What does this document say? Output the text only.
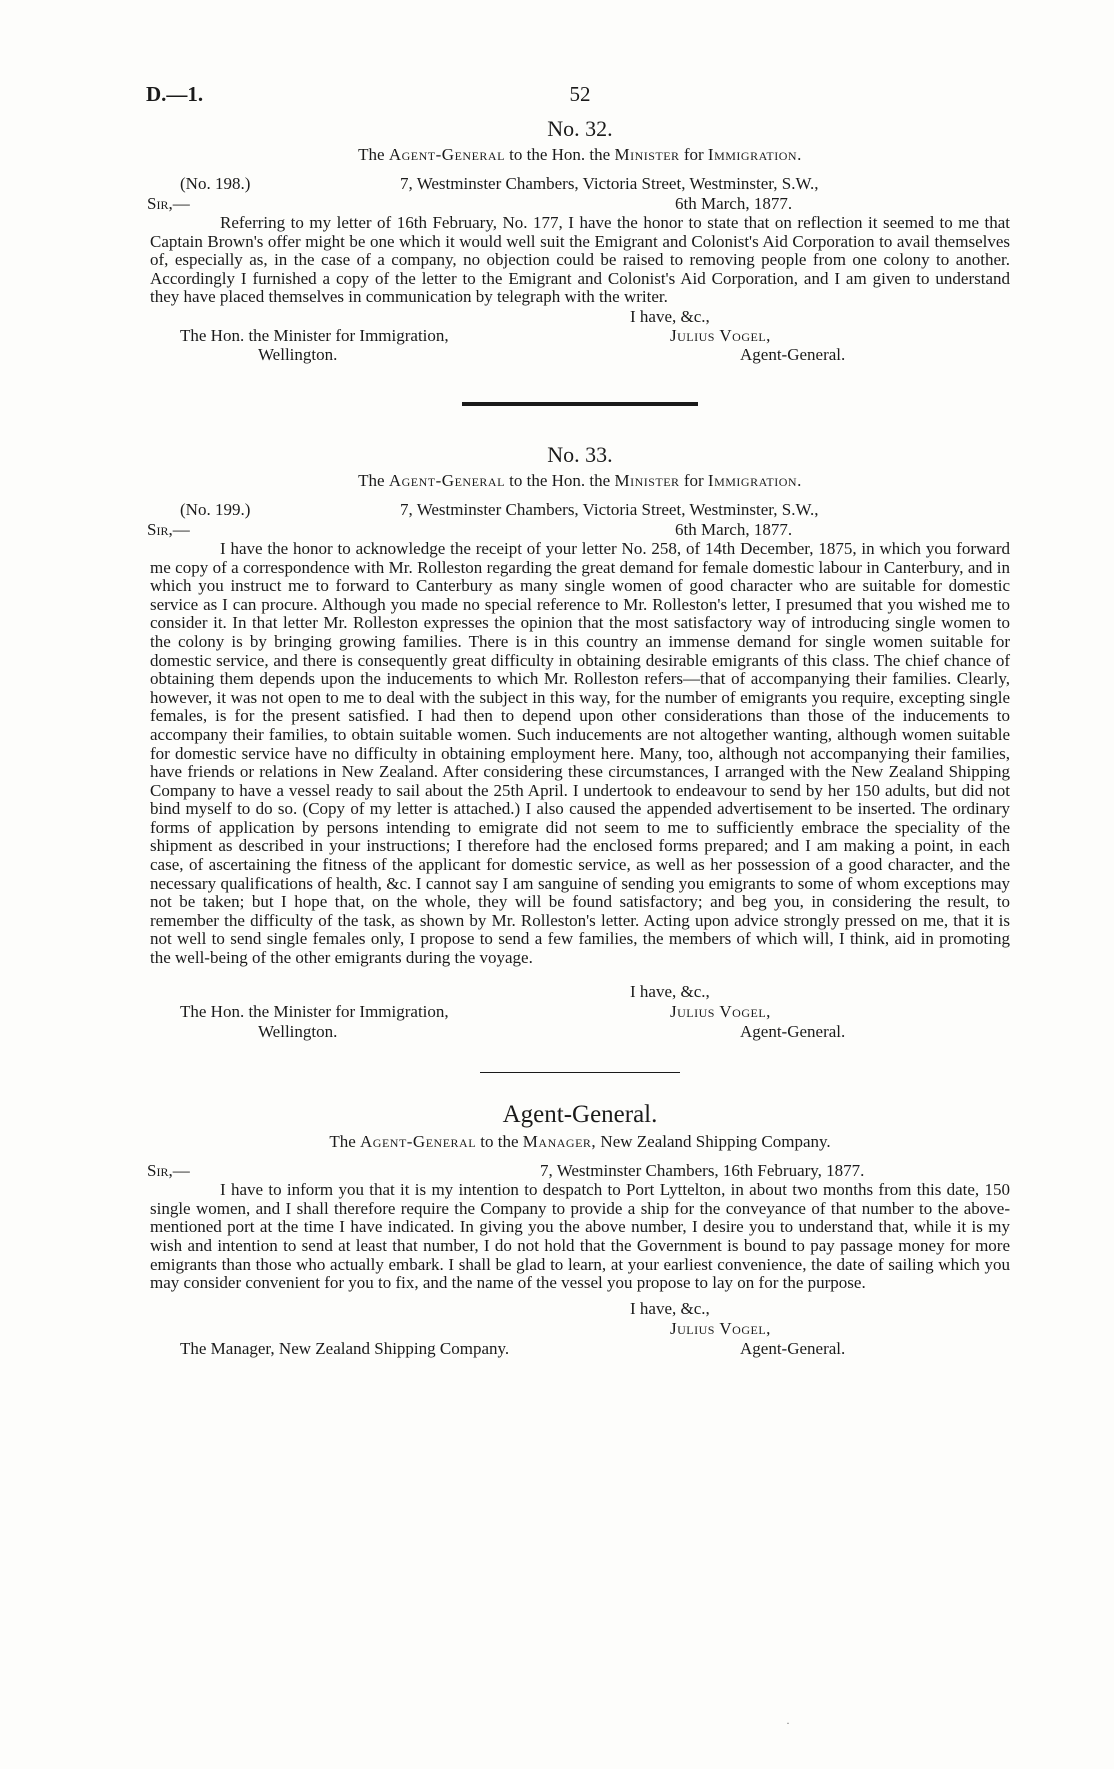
D.—1.	52
No. 32.

The Agent-General to the Hon. the Minister for Immigration.

(No. 198.)	7, Westminster Chambers, Victoria Street, Westminster, S.W.,
Sir,—	6th March, 1877.

Referring to my letter of 16th February, No. 177, I have the honor to state that on reflection it seemed to me that Captain Brown's offer might be one which it would well suit the Emigrant and Colonist's Aid Corporation to avail themselves of, especially as, in the case of a company, no objection could be raised to removing people from one colony to another. Accordingly I furnished a copy of the letter to the Emigrant and Colonist's Aid Corporation, and I am given to understand they have placed themselves in communication by telegraph with the writer.

I have, &c.,
The Hon. the Minister for Immigration,	Julius Vogel,
Wellington.	Agent-General.
No. 33.

The Agent-General to the Hon. the Minister for Immigration.

(No. 199.)	7, Westminster Chambers, Victoria Street, Westminster, S.W.,
Sir,—	6th March, 1877.

I have the honor to acknowledge the receipt of your letter No. 258, of 14th December, 1875, in which you forward me copy of a correspondence with Mr. Rolleston regarding the great demand for female domestic labour in Canterbury, and in which you instruct me to forward to Canterbury as many single women of good character who are suitable for domestic service as I can procure. Although you made no special reference to Mr. Rolleston's letter, I presumed that you wished me to consider it. In that letter Mr. Rolleston expresses the opinion that the most satisfactory way of introducing single women to the colony is by bringing growing families. There is in this country an immense demand for single women suitable for domestic service, and there is consequently great difficulty in obtaining desirable emigrants of this class. The chief chance of obtaining them depends upon the inducements to which Mr. Rolleston refers—that of accompanying their families. Clearly, however, it was not open to me to deal with the subject in this way, for the number of emigrants you require, excepting single females, is for the present satisfied. I had then to depend upon other considerations than those of the inducements to accompany their families, to obtain suitable women. Such inducements are not altogether wanting, although women suitable for domestic service have no difficulty in obtaining employment here. Many, too, although not accompanying their families, have friends or relations in New Zealand. After considering these circumstances, I arranged with the New Zealand Shipping Company to have a vessel ready to sail about the 25th April. I undertook to endeavour to send by her 150 adults, but did not bind myself to do so. (Copy of my letter is attached.) I also caused the appended advertisement to be inserted. The ordinary forms of application by persons intending to emigrate did not seem to me to sufficiently embrace the speciality of the shipment as described in your instructions; I therefore had the enclosed forms prepared; and I am making a point, in each case, of ascertaining the fitness of the applicant for domestic service, as well as her possession of a good character, and the necessary qualifications of health, &c. I cannot say I am sanguine of sending you emigrants to some of whom exceptions may not be taken; but I hope that, on the whole, they will be found satisfactory; and beg you, in considering the result, to remember the difficulty of the task, as shown by Mr. Rolleston's letter. Acting upon advice strongly pressed on me, that it is not well to send single females only, I propose to send a few families, the members of which will, I think, aid in promoting the well-being of the other emigrants during the voyage.

I have, &c.,
The Hon. the Minister for Immigration,	Julius Vogel,
Wellington.	Agent-General.
Agent-General.

The Agent-General to the Manager, New Zealand Shipping Company.

Sir,—	7, Westminster Chambers, 16th February, 1877.

I have to inform you that it is my intention to despatch to Port Lyttelton, in about two months from this date, 150 single women, and I shall therefore require the Company to provide a ship for the conveyance of that number to the above-mentioned port at the time I have indicated. In giving you the above number, I desire you to understand that, while it is my wish and intention to send at least that number, I do not hold that the Government is bound to pay passage money for more emigrants than those who actually embark. I shall be glad to learn, at your earliest convenience, the date of sailing which you may consider convenient for you to fix, and the name of the vessel you propose to lay on for the purpose.

I have, &c.,
Julius Vogel,
The Manager, New Zealand Shipping Company.	Agent-General.
·
